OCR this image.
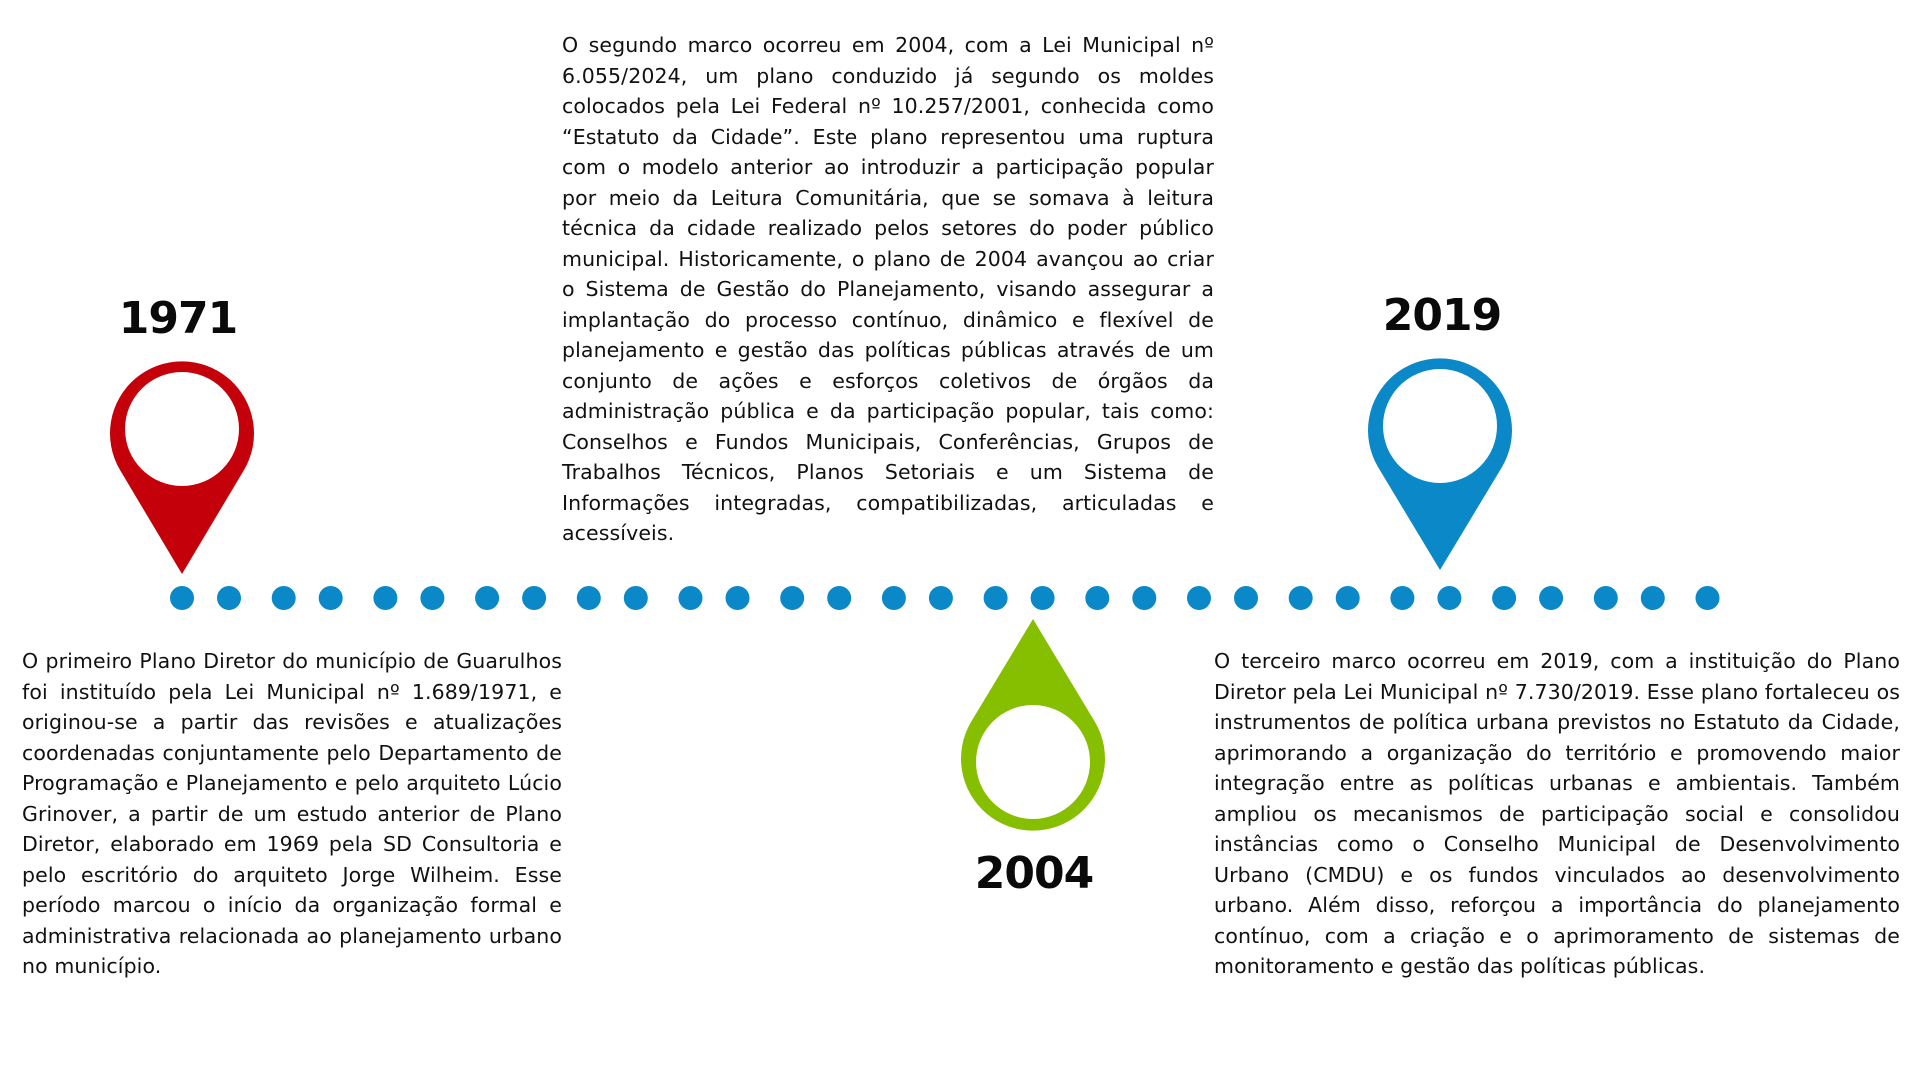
1971	2019
2004

O segundo marco ocorreu em 2004, com a Lei Municipal nº 6.055/2024, um plano conduzido já segundo os moldes colocados pela Lei Federal nº 10.257/2001, conhecida como “Estatuto da Cidade”. Este plano representou uma ruptura com o modelo anterior ao introduzir a participação popular por meio da Leitura Comunitária, que se somava à leitura técnica da cidade realizado pelos setores do poder público municipal. Historicamente, o plano de 2004 avançou ao criar o Sistema de Gestão do Planejamento, visando assegurar a implantação do processo contínuo, dinâmico e flexível de planejamento e gestão das políticas públicas através de um conjunto de ações e esforços coletivos de órgãos da administração pública e da participação popular, tais como: Conselhos e Fundos Municipais, Conferências, Grupos de Trabalhos Técnicos, Planos Setoriais e um Sistema de Informações integradas, compatibilizadas, articuladas e acessíveis.

O primeiro Plano Diretor do município de Guarulhos foi instituído pela Lei Municipal nº 1.689/1971, e originou-se a partir das revisões e atualizações coordenadas conjuntamente pelo Departamento de Programação e Planejamento e pelo arquiteto Lúcio Grinover, a partir de um estudo anterior de Plano Diretor, elaborado em 1969 pela SD Consultoria e pelo escritório do arquiteto Jorge Wilheim. Esse período marcou o início da organização formal e administrativa relacionada ao planejamento urbano no município.

O terceiro marco ocorreu em 2019, com a instituição do Plano Diretor pela Lei Municipal nº 7.730/2019. Esse plano fortaleceu os instrumentos de política urbana previstos no Estatuto da Cidade, aprimorando a organização do território e promovendo maior integração entre as políticas urbanas e ambientais. Também ampliou os mecanismos de participação social e consolidou instâncias como o Conselho Municipal de Desenvolvimento Urbano (CMDU) e os fundos vinculados ao desenvolvimento urbano. Além disso, reforçou a importância do planejamento contínuo, com a criação e o aprimoramento de sistemas de monitoramento e gestão das políticas públicas.
